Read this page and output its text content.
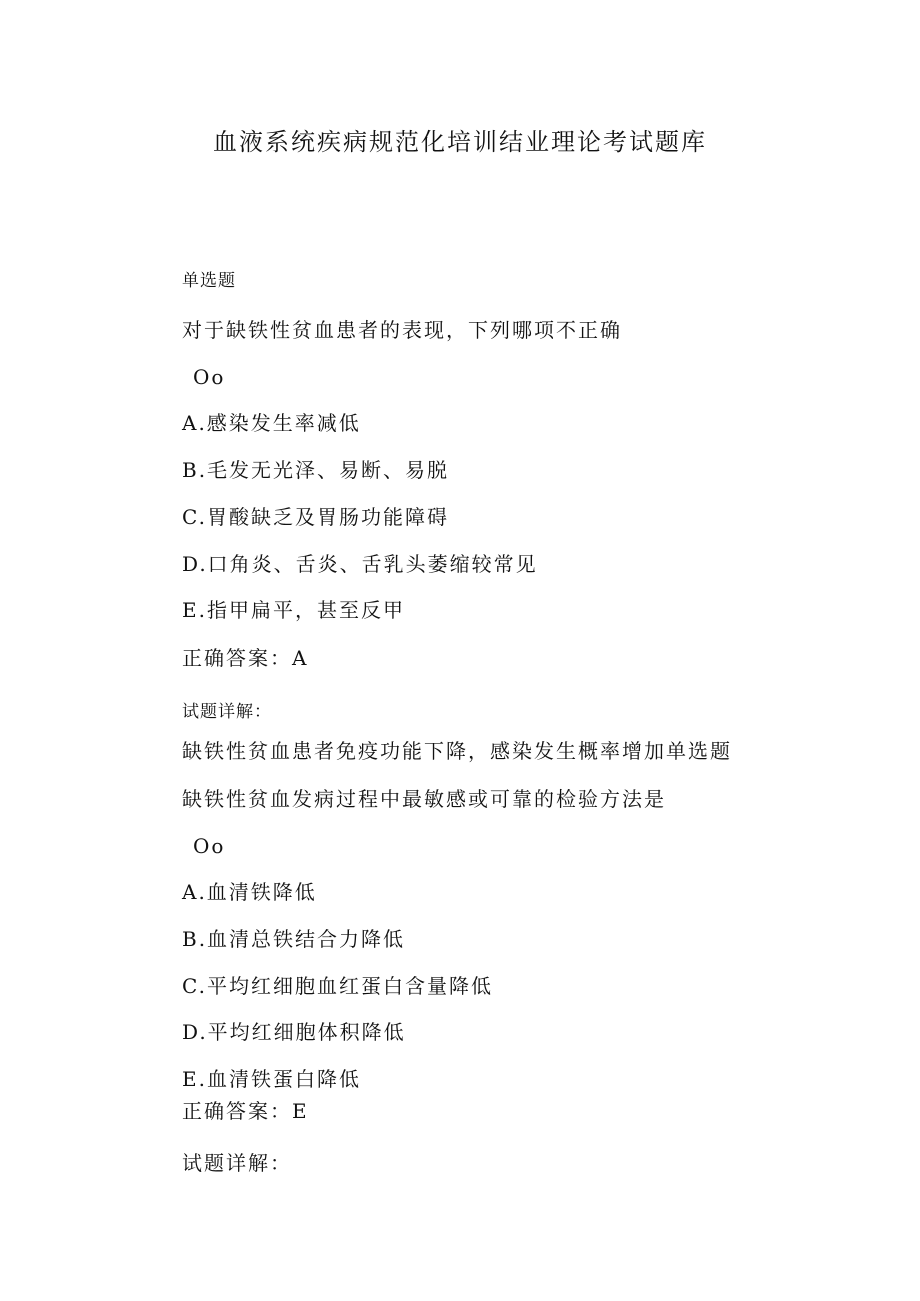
血液系统疾病规范化培训结业理论考试题库
单选题
对于缺铁性贫血患者的表现，下列哪项不正确
Oo
A.感染发生率减低
B.毛发无光泽、易断、易脱
C.胃酸缺乏及胃肠功能障碍
D.口角炎、舌炎、舌乳头萎缩较常见
E.指甲扁平，甚至反甲
正确答案：A
试题详解：
缺铁性贫血患者免疫功能下降，感染发生概率增加单选题
缺铁性贫血发病过程中最敏感或可靠的检验方法是
Oo
A.血清铁降低
B.血清总铁结合力降低
C.平均红细胞血红蛋白含量降低
D.平均红细胞体积降低
E.血清铁蛋白降低
正确答案：E
试题详解：
